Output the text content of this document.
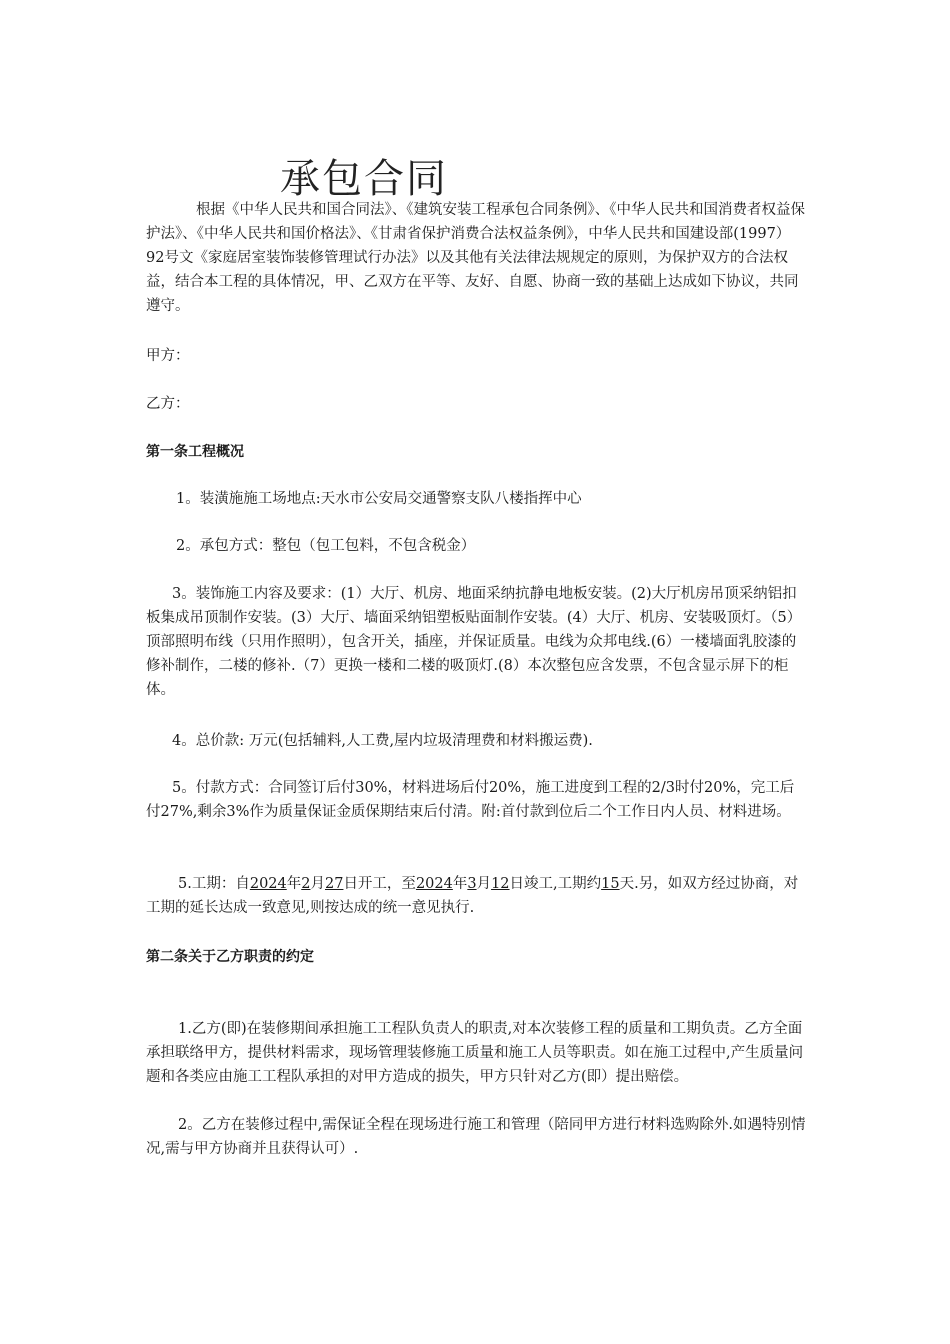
承包合同

根据《中华人民共和国合同法》、《建筑安装工程承包合同条例》、《中华人民共和国消费者权益保护法》、《中华人民共和国价格法》、《甘肃省保护消费合法权益条例》，中华人民共和国建设部(1997）92号文《家庭居室装饰装修管理试行办法》以及其他有关法律法规规定的原则，为保护双方的合法权益，结合本工程的具体情况，甲、乙双方在平等、友好、自愿、协商一致的基础上达成如下协议，共同遵守。

甲方：

乙方：

第一条工程概况

1。装潢施施工场地点:天水市公安局交通警察支队八楼指挥中心

2。承包方式：整包（包工包料，不包含税金）

3。装饰施工内容及要求：(1）大厅、机房、地面采纳抗静电地板安装。(2)大厅机房吊顶采纳铝扣板集成吊顶制作安装。(3）大厅、墙面采纳铝塑板贴面制作安装。(4）大厅、机房、安装吸顶灯。（5）顶部照明布线（只用作照明），包含开关，插座，并保证质量。电线为众邦电线.(6）一楼墙面乳胶漆的修补制作，二楼的修补.（7）更换一楼和二楼的吸顶灯.(8）本次整包应含发票，不包含显示屏下的柜体。

4。总价款: 万元(包括辅料,人工费,屋内垃圾清理费和材料搬运费).

5。付款方式：合同签订后付30%，材料进场后付20%，施工进度到工程的2/3时付20%，完工后付27%,剩余3%作为质量保证金质保期结束后付清。附:首付款到位后二个工作日内人员、材料进场。

5.工期：自2024年2月27日开工，至2024年3月12日竣工,工期约15天.另，如双方经过协商，对工期的延长达成一致意见,则按达成的统一意见执行.

第二条关于乙方职责的约定

1.乙方(即)在装修期间承担施工工程队负责人的职责,对本次装修工程的质量和工期负责。乙方全面承担联络甲方，提供材料需求，现场管理装修施工质量和施工人员等职责。如在施工过程中,产生质量问题和各类应由施工工程队承担的对甲方造成的损失，甲方只针对乙方(即）提出赔偿。

2。乙方在装修过程中,需保证全程在现场进行施工和管理（陪同甲方进行材料选购除外.如遇特别情况,需与甲方协商并且获得认可）.
